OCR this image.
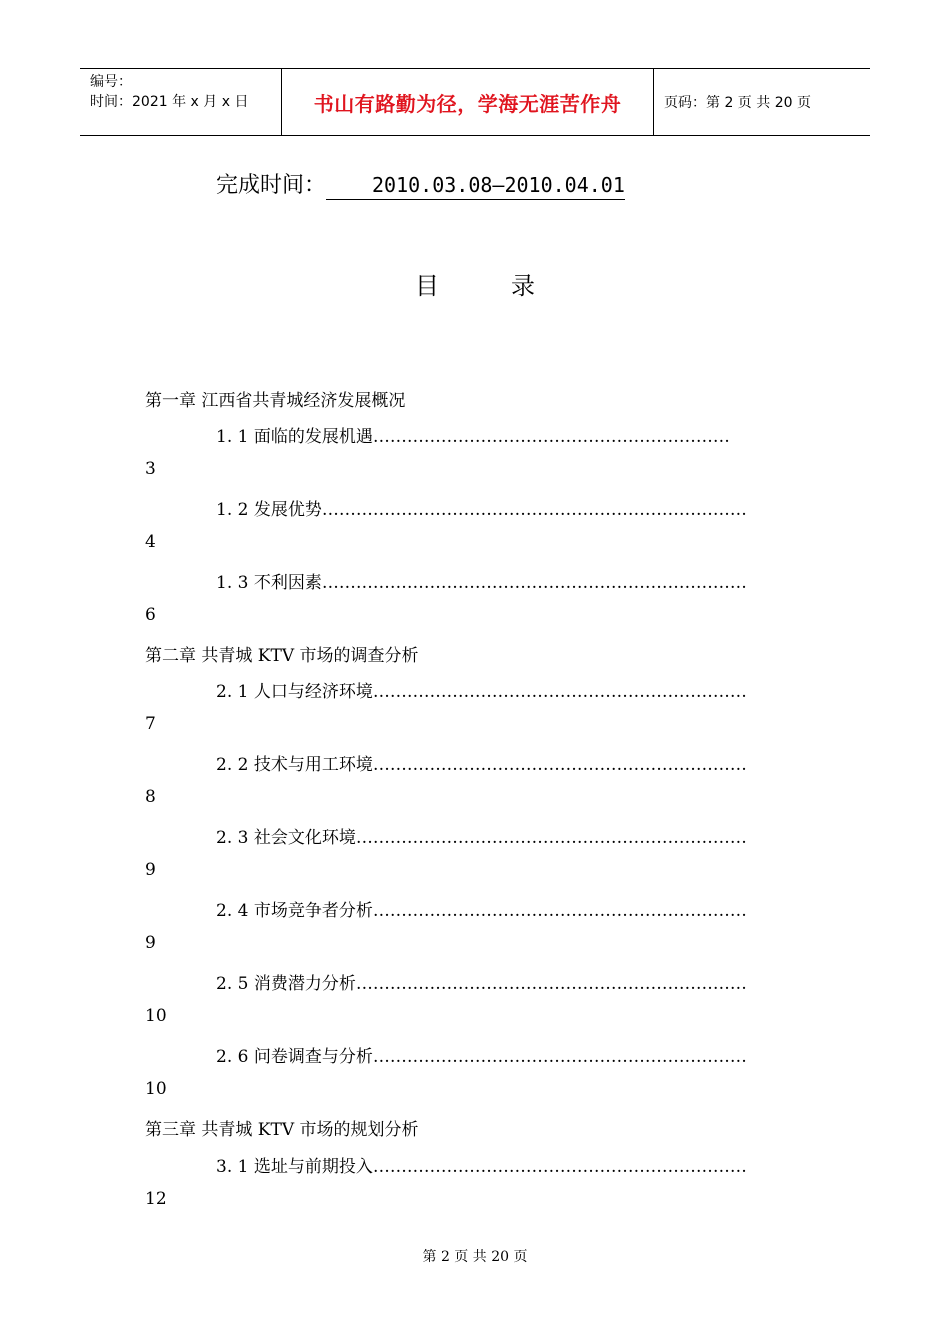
编号：
时间：2021 年 x 月 x 日	书山有路勤为径，学海无涯苦作舟	页码：第 2 页 共 20 页
完成时间： 2010.03.08—2010.04.01
目	录
第一章 江西省共青城经济发展概况
1. 1 面临的发展机遇………………………………………………………
3
1. 2 发展优势…………………………………………………………………
4
1. 3 不利因素…………………………………………………………………
6
第二章 共青城 KTV 市场的调查分析
2. 1 人口与经济环境…………………………………………………………
7
2. 2 技术与用工环境…………………………………………………………
8
2. 3 社会文化环境……………………………………………………………
9
2. 4 市场竞争者分析…………………………………………………………
9
2. 5 消费潜力分析……………………………………………………………
10
2. 6 问卷调查与分析…………………………………………………………
10
第三章 共青城 KTV 市场的规划分析
3. 1 选址与前期投入…………………………………………………………
12
第 2 页 共 20 页
